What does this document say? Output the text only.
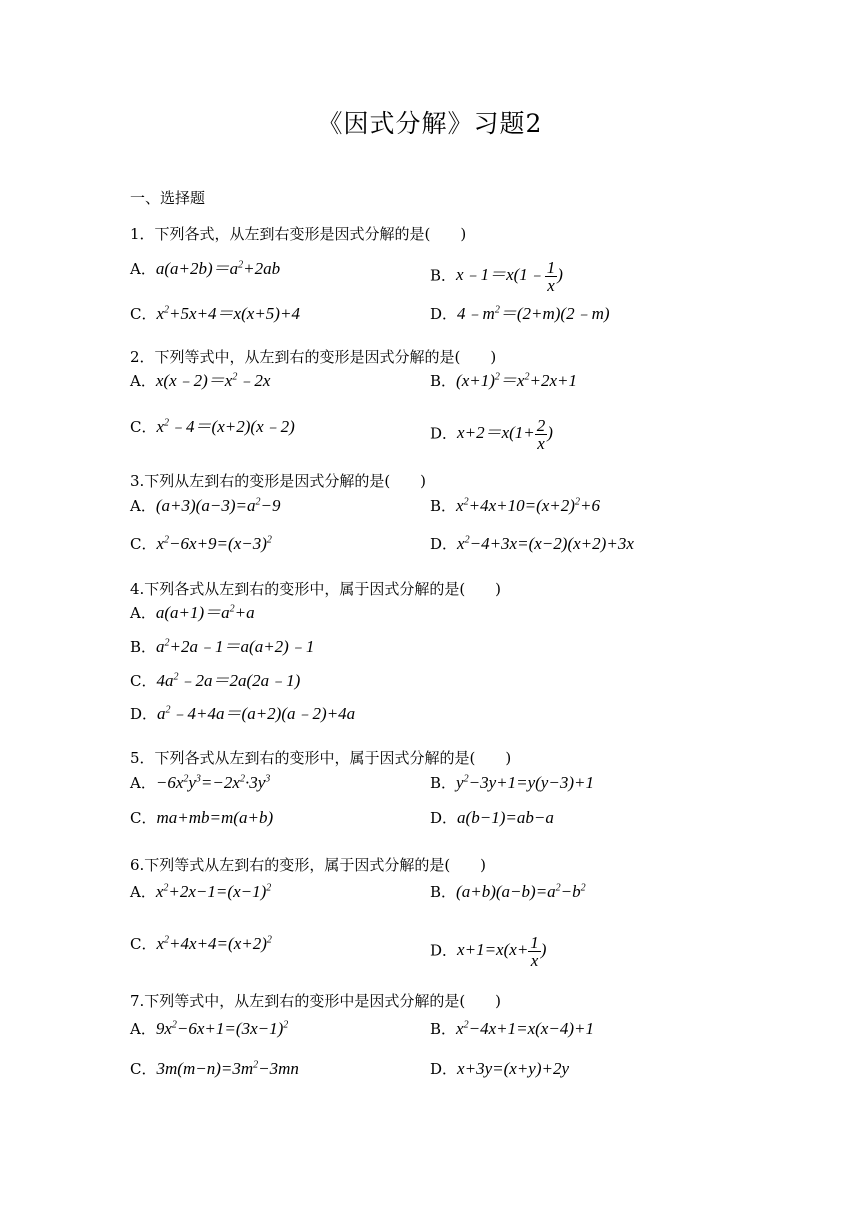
《因式分解》习题2
一、选择题
1．下列各式，从左到右变形是因式分解的是(　　)
A．$a(a+2b)=a^2+2ab$	B．x﹣1＝x(1﹣ $\frac{1}{x}$ )
C．$x^2+5x+4=x(x+5)+4$	D．$4﹣m^2=(2+m)(2﹣m)$
2．下列等式中，从左到右的变形是因式分解的是(　　)
A．$x(x﹣2)=x^2﹣2x$	B．$(x+1)^2=x^2+2x+1$
C．$x^2﹣4=(x+2)(x﹣2)$	D．$x+2=x(1+ \frac{2}{x}$ )
3.下列从左到右的变形是因式分解的是(　　)
A．$(a+3)(a-3)=a^2-9$	B．$x^2+4x+10=(x+2)^2+6$
C．$x^2-6x+9=(x-3)^2$	D．$x^2-4+3x=(x-2)(x+2)+3x$
4.下列各式从左到右的变形中，属于因式分解的是(　　)
A．$a(a+1)=a^2+a$
B．$a^2+2a﹣1=a(a+2)﹣1$
C．$4a^2﹣2a=2a(2a﹣1)$
D．$a^2﹣4+4a=(a+2)(a﹣2)+4a$
5．下列各式从左到右的变形中，属于因式分解的是(　　)
A．$-6x^2y^3=-2x^2\cdot 3y^3$	B．$y^2-3y+1=y(y-3)+1$
C．ma+mb=m(a+b)	D．a(b−1)=ab−a
6.下列等式从左到右的变形，属于因式分解的是(　　)
A．$x^2+2x-1=(x-1)^2$	B．$(a+b)(a-b)=a^2-b^2$
C．$x^2+4x+4=(x+2)^2$
D．$x+1=x(x+ \frac{1}{x}$ )
7.下列等式中，从左到右的变形中是因式分解的是(　　)
A．$9x^2-6x+1=(3x-1)^2$	B．$x^2-4x+1=x(x-4)+1$
C．$3m(m-n)=3m^2-3mn$	D．x+3y=(x+y)+2y
